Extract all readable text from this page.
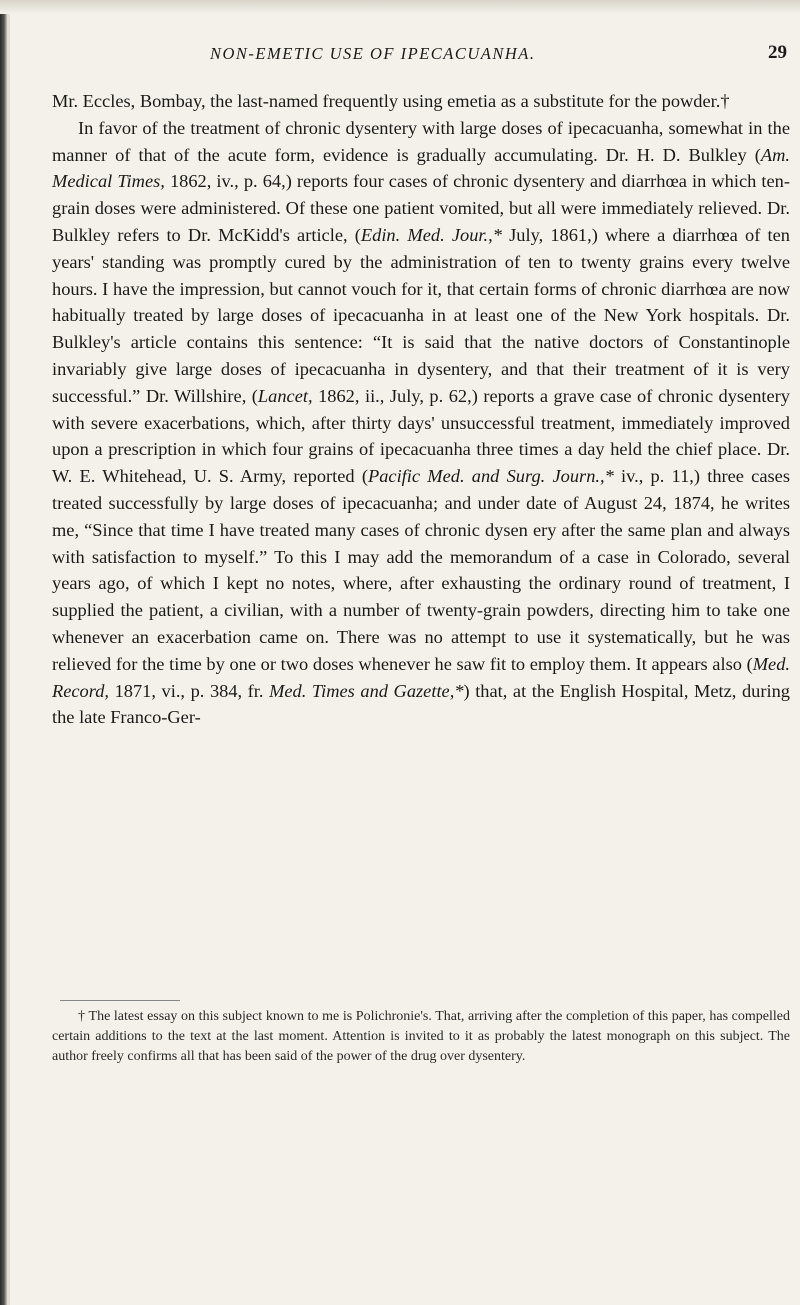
NON-EMETIC USE OF IPECACUANHA.	29

Mr. Eccles, Bombay, the last-named frequently using emetia as a substitute for the powder.†

In favor of the treatment of chronic dysentery with large doses of ipecacuanha, somewhat in the manner of that of the acute form, evidence is gradually accumulating. Dr. H. D. Bulkley (Am. Medical Times, 1862, iv., p. 64,) reports four cases of chronic dysentery and diarrhœa in which ten-grain doses were administered. Of these one patient vomited, but all were immediately relieved. Dr. Bulkley refers to Dr. McKidd's article, (Edin. Med. Jour.,* July, 1861,) where a diarrhœa of ten years' standing was promptly cured by the administration of ten to twenty grains every twelve hours. I have the impression, but cannot vouch for it, that certain forms of chronic diarrhœa are now habitually treated by large doses of ipecacuanha in at least one of the New York hospitals. Dr. Bulkley's article contains this sentence: “It is said that the native doctors of Constantinople invariably give large doses of ipecacuanha in dysentery, and that their treatment of it is very successful.” Dr. Willshire, (Lancet, 1862, ii., July, p. 62,) reports a grave case of chronic dysentery with severe exacerbations, which, after thirty days' unsuccessful treatment, immediately improved upon a prescription in which four grains of ipecacuanha three times a day held the chief place. Dr. W. E. Whitehead, U. S. Army, reported (Pacific Med. and Surg. Journ.,* iv., p. 11,) three cases treated successfully by large doses of ipecacuanha; and under date of August 24, 1874, he writes me, “Since that time I have treated many cases of chronic dysen ery after the same plan and always with satisfaction to myself.” To this I may add the memorandum of a case in Colorado, several years ago, of which I kept no notes, where, after exhausting the ordinary round of treatment, I supplied the patient, a civilian, with a number of twenty-grain powders, directing him to take one whenever an exacerbation came on. There was no attempt to use it systematically, but he was relieved for the time by one or two doses whenever he saw fit to employ them. It appears also (Med. Record, 1871, vi., p. 384, fr. Med. Times and Gazette,*) that, at the English Hospital, Metz, during the late Franco-Ger-

† The latest essay on this subject known to me is Polichronie's. That, arriving after the completion of this paper, has compelled certain additions to the text at the last moment. Attention is invited to it as probably the latest monograph on this subject. The author freely confirms all that has been said of the power of the drug over dysentery.
